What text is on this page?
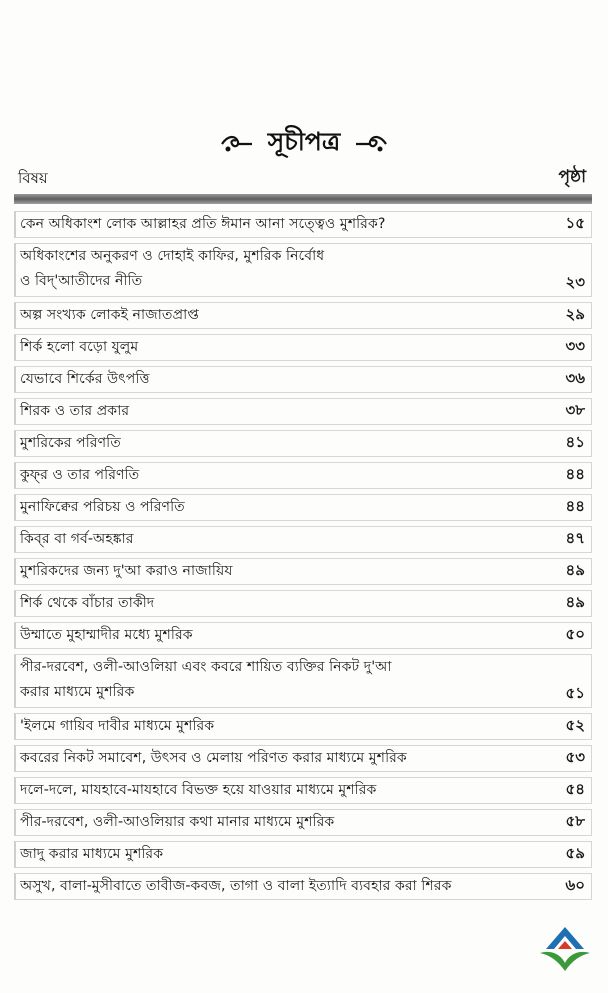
সূচীপত্র
বিষয়	পৃষ্ঠা
কেন অধিকাংশ লোক আল্লাহর প্রতি ঈমান আনা সত্ত্বেও মুশরিক?	১৫
অধিকাংশের অনুকরণ ও দোহাই কাফির, মুশরিক নির্বোধ
ও বিদ্‌'আতীদের নীতি	২৩
অল্প সংখ্যক লোকই নাজাতপ্রাপ্ত	২৯
শির্ক হলো বড়ো যুলুম	৩৩
যেভাবে শির্কের উৎপত্তি	৩৬
শিরক ও তার প্রকার	৩৮
মুশরিকের পরিণতি	৪১
কুফ্‌র ও তার পরিণতি	৪৪
মুনাফিক্বের পরিচয় ও পরিণতি	৪৪
কিব্‌র বা গর্ব-অহঙ্কার	৪৭
মুশরিকদের জন্য দু'আ করাও নাজায়িয	৪৯
শির্ক থেকে বাঁচার তাকীদ	৪৯
উম্মাতে মুহাম্মাদীর মধ্যে মুশরিক	৫০
পীর-দরবেশ, ওলী-আওলিয়া এবং কবরে শায়িত ব্যক্তির নিকট দু'আ
করার মাধ্যমে মুশরিক	৫১
'ইলমে গায়িব দাবীর মাধ্যমে মুশরিক	৫২
কবরের নিকট সমাবেশ, উৎসব ও মেলায় পরিণত করার মাধ্যমে মুশরিক	৫৩
দলে-দলে, মাযহাবে-মাযহাবে বিভক্ত হয়ে যাওয়ার মাধ্যমে মুশরিক	৫৪
পীর-দরবেশ, ওলী-আওলিয়ার কথা মানার মাধ্যমে মুশরিক	৫৮
জাদু করার মাধ্যমে মুশরিক	৫৯
অসুখ, বালা-মুসীবাতে তাবীজ-কবজ, তাগা ও বালা ইত্যাদি ব্যবহার করা শিরক	৬০
